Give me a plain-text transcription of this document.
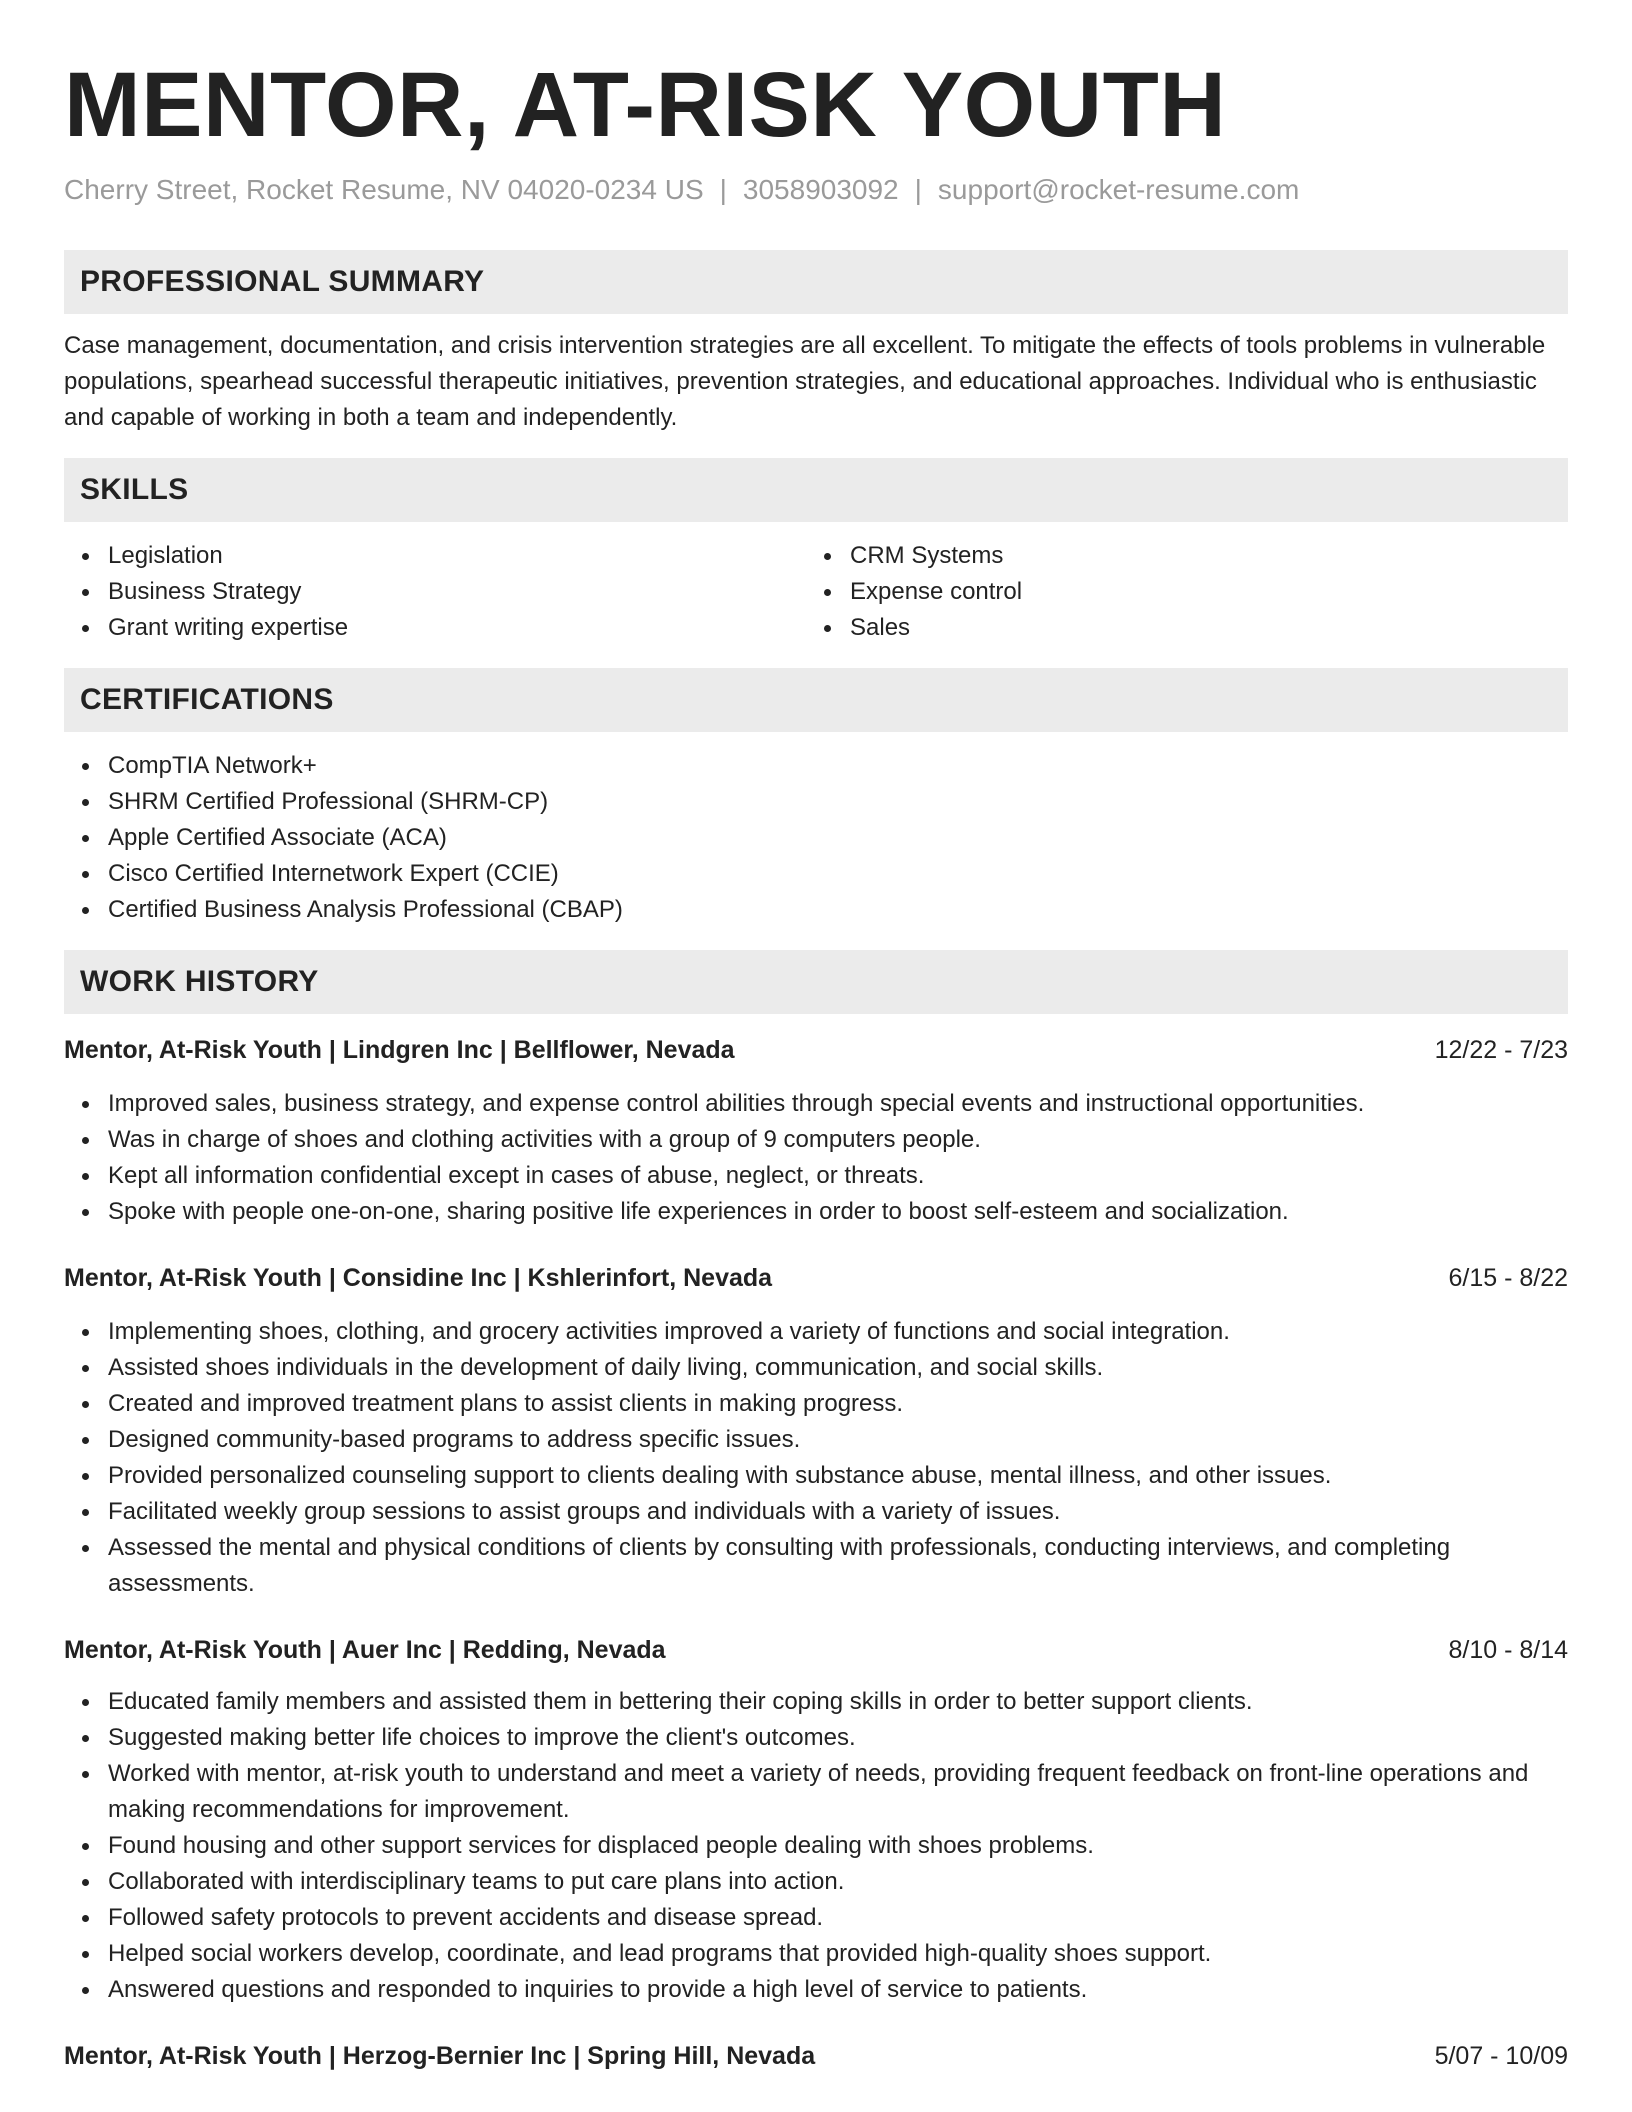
MENTOR, AT-RISK YOUTH
Cherry Street, Rocket Resume, NV 04020-0234 US | 3058903092 | support@rocket-resume.com
PROFESSIONAL SUMMARY

Case management, documentation, and crisis intervention strategies are all excellent. To mitigate the effects of tools problems in vulnerable populations, spearhead successful therapeutic initiatives, prevention strategies, and educational approaches. Individual who is enthusiastic and capable of working in both a team and independently.

SKILLS
Legislation
Business Strategy
Grant writing expertise
CRM Systems
Expense control
Sales
CERTIFICATIONS
CompTIA Network+
SHRM Certified Professional (SHRM-CP)
Apple Certified Associate (ACA)
Cisco Certified Internetwork Expert (CCIE)
Certified Business Analysis Professional (CBAP)
WORK HISTORY
Mentor, At-Risk Youth | Lindgren Inc | Bellflower, Nevada	12/22 - 7/23
Improved sales, business strategy, and expense control abilities through special events and instructional opportunities.
Was in charge of shoes and clothing activities with a group of 9 computers people.
Kept all information confidential except in cases of abuse, neglect, or threats.
Spoke with people one-on-one, sharing positive life experiences in order to boost self-esteem and socialization.
Mentor, At-Risk Youth | Considine Inc | Kshlerinfort, Nevada	6/15 - 8/22
Implementing shoes, clothing, and grocery activities improved a variety of functions and social integration.
Assisted shoes individuals in the development of daily living, communication, and social skills.
Created and improved treatment plans to assist clients in making progress.
Designed community-based programs to address specific issues.
Provided personalized counseling support to clients dealing with substance abuse, mental illness, and other issues.
Facilitated weekly group sessions to assist groups and individuals with a variety of issues.
Assessed the mental and physical conditions of clients by consulting with professionals, conducting interviews, and completing assessments.
Mentor, At-Risk Youth | Auer Inc | Redding, Nevada	8/10 - 8/14
Educated family members and assisted them in bettering their coping skills in order to better support clients.
Suggested making better life choices to improve the client's outcomes.
Worked with mentor, at-risk youth to understand and meet a variety of needs, providing frequent feedback on front-line operations and making recommendations for improvement.
Found housing and other support services for displaced people dealing with shoes problems.
Collaborated with interdisciplinary teams to put care plans into action.
Followed safety protocols to prevent accidents and disease spread.
Helped social workers develop, coordinate, and lead programs that provided high-quality shoes support.
Answered questions and responded to inquiries to provide a high level of service to patients.
Mentor, At-Risk Youth | Herzog-Bernier Inc | Spring Hill, Nevada	5/07 - 10/09
